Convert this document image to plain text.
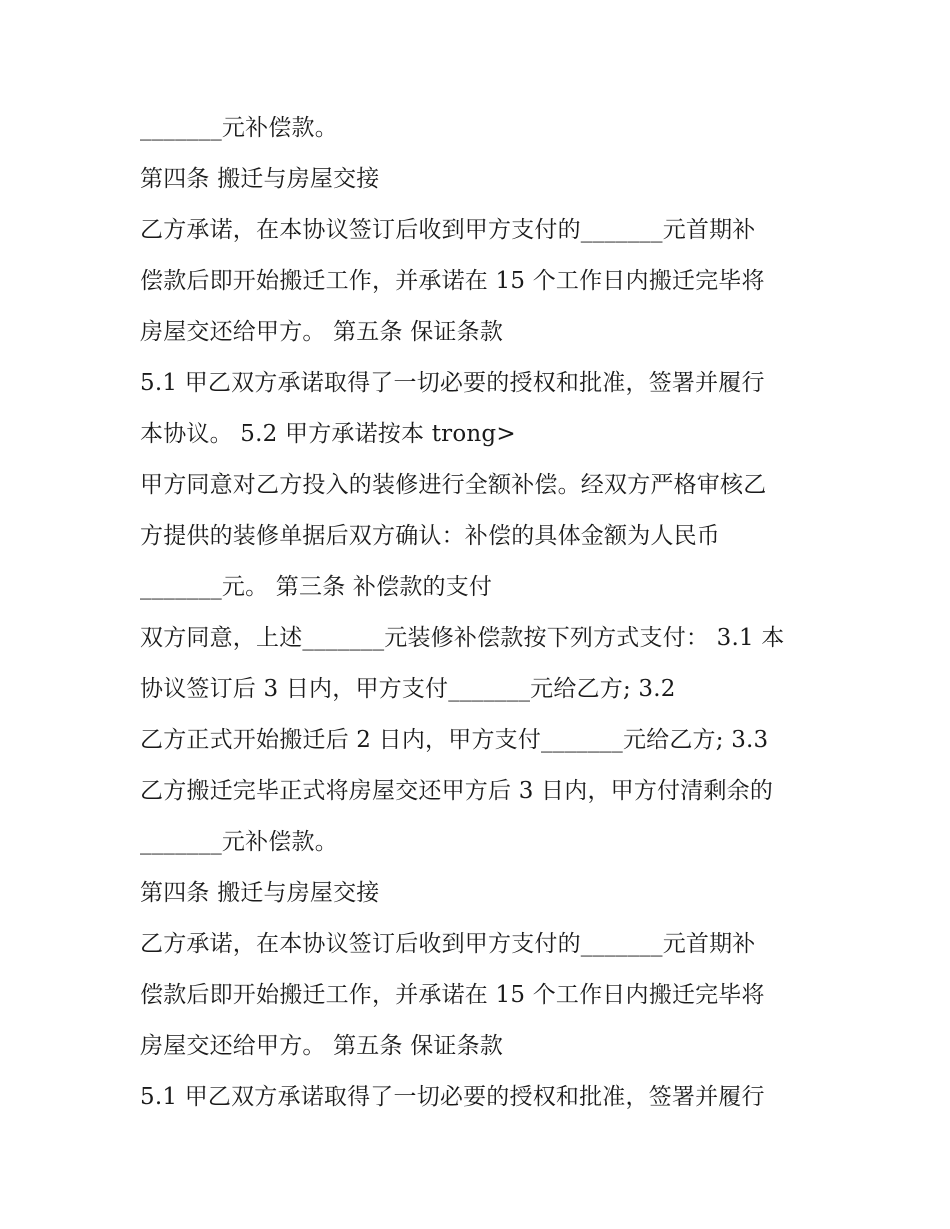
_______元补偿款。
第四条 搬迁与房屋交接
乙方承诺，在本协议签订后收到甲方支付的_______元首期补
偿款后即开始搬迁工作，并承诺在 15 个工作日内搬迁完毕将
房屋交还给甲方。 第五条 保证条款
5.1 甲乙双方承诺取得了一切必要的授权和批准，签署并履行
本协议。 5.2 甲方承诺按本 trong>
甲方同意对乙方投入的装修进行全额补偿。经双方严格审核乙
方提供的装修单据后双方确认：补偿的具体金额为人民币
_______元。 第三条 补偿款的支付
双方同意，上述_______元装修补偿款按下列方式支付： 3.1 本
协议签订后 3 日内，甲方支付_______元给乙方; 3.2
乙方正式开始搬迁后 2 日内，甲方支付_______元给乙方; 3.3
乙方搬迁完毕正式将房屋交还甲方后 3 日内，甲方付清剩余的
_______元补偿款。
第四条 搬迁与房屋交接
乙方承诺，在本协议签订后收到甲方支付的_______元首期补
偿款后即开始搬迁工作，并承诺在 15 个工作日内搬迁完毕将
房屋交还给甲方。 第五条 保证条款
5.1 甲乙双方承诺取得了一切必要的授权和批准，签署并履行
